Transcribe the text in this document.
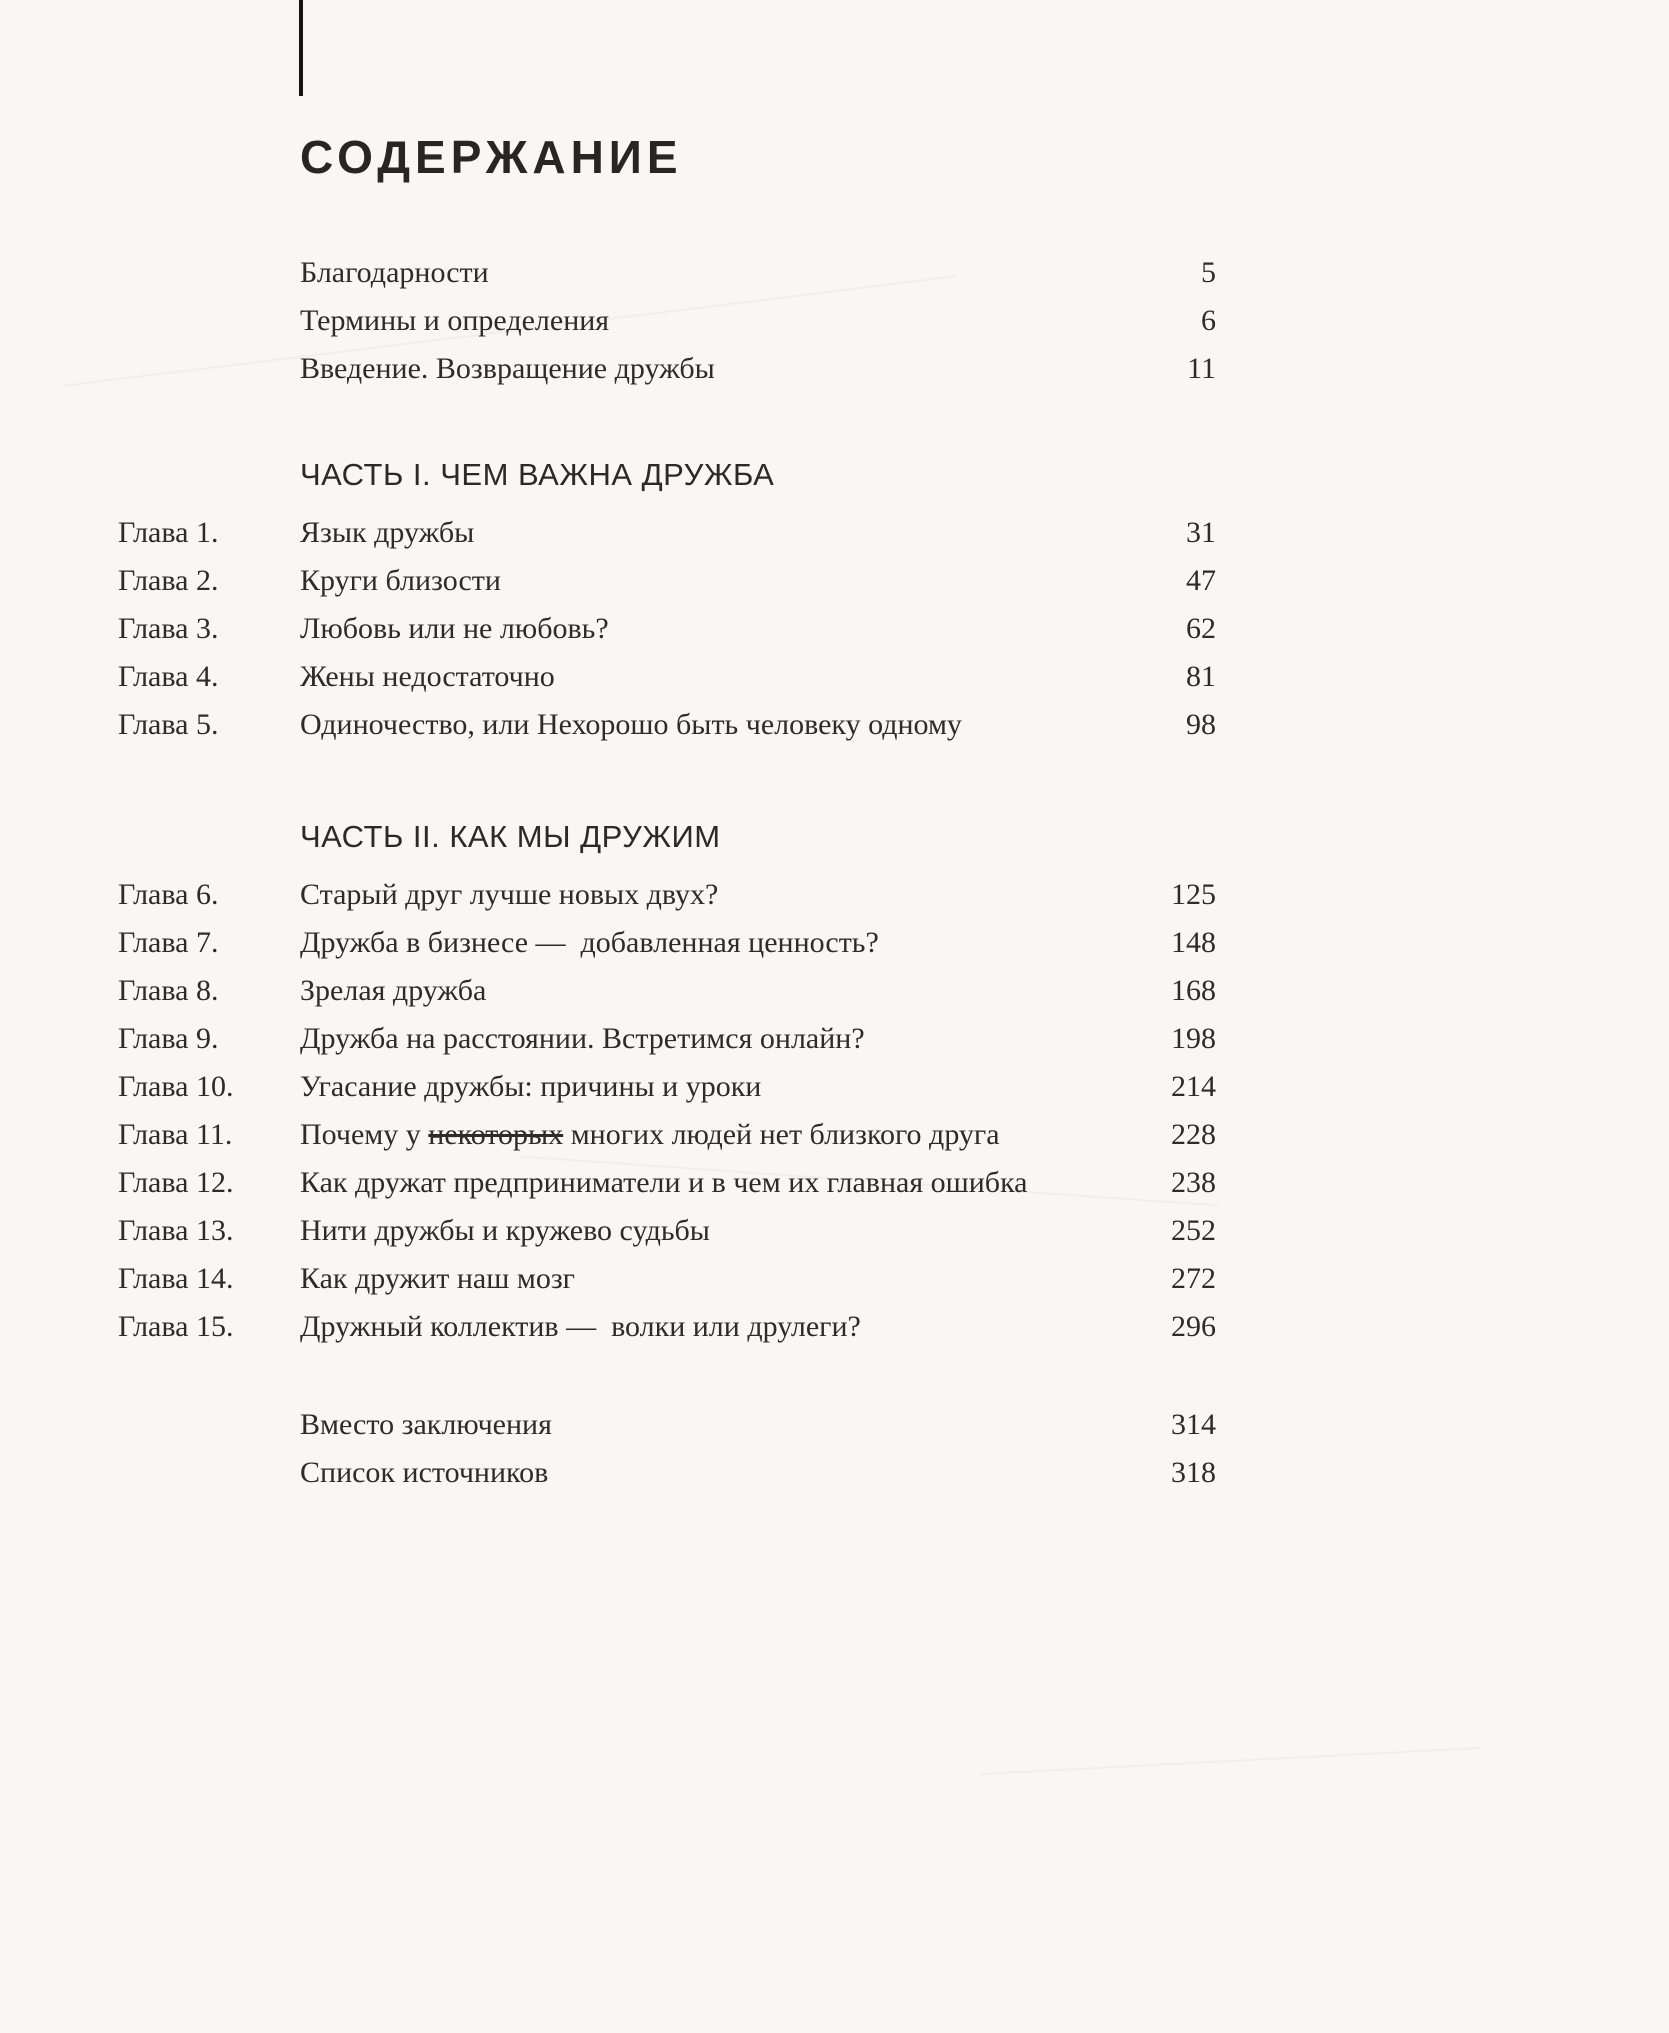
СОДЕРЖАНИЕ
Благодарности	5
Термины и определения	6
Введение. Возвращение дружбы	11
ЧАСТЬ I. ЧЕМ ВАЖНА ДРУЖБА
Глава 1.	Язык дружбы	31
Глава 2.	Круги близости	47
Глава 3.	Любовь или не любовь?	62
Глава 4.	Жены недостаточно	81
Глава 5.	Одиночество, или Нехорошо быть человеку одному	98
ЧАСТЬ II. КАК МЫ ДРУЖИМ
Глава 6.	Старый друг лучше новых двух?	125
Глава 7.	Дружба в бизнесе — добавленная ценность?	148
Глава 8.	Зрелая дружба	168
Глава 9.	Дружба на расстоянии. Встретимся онлайн?	198
Глава 10.	Угасание дружбы: причины и уроки	214
Глава 11.	Почему у некоторых многих людей нет близкого друга	228
Глава 12.	Как дружат предприниматели и в чем их главная ошибка	238
Глава 13.	Нити дружбы и кружево судьбы	252
Глава 14.	Как дружит наш мозг	272
Глава 15.	Дружный коллектив — волки или друлеги?	296
Вместо заключения	314
Список источников	318
